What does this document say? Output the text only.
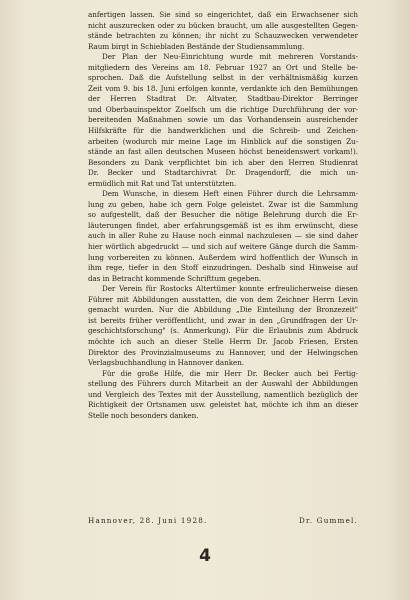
anfertigen lassen. Sie sind so eingerichtet, daß ein Erwachsener sich
nicht auszurecken oder zu bücken braucht, um alle ausgestellten Gegen-
stände betrachten zu können; ihr nicht zu Schauzwecken verwendeter
Raum birgt in Schiebladen Bestände der Studiensammlung.
Der Plan der Neu-Einrichtung wurde mit mehreren Vorstands-
mitgliedern des Vereins am 18. Februar 1927 an Ort und Stelle be-
sprochen. Daß die Aufstellung selbst in der verhältnismäßig kurzen
Zeit vom 9. bis 18. Juni erfolgen konnte, verdankte ich den Bemühungen
der Herren Stadtrat Dr. Altvater, Stadtbau-Direktor Berringer
und Oberbauinspektor Zoelfsch um die richtige Durchführung der vor-
bereitenden Maßnahmen sowie um das Vorhandensein ausreichender
Hilfskräfte für die handwerklichen und die Schreib- und Zeichen-
arbeiten (wodurch mir meine Lage im Hinblick auf die sonstigen Zu-
stände an fast allen deutschen Museen höchst beneidenswert vorkam!).
Besonders zu Dank verpflichtet bin ich aber den Herren Studienrat
Dr. Becker und Stadtarchivrat Dr. Dragendorff, die mich un-
ermüdlich mit Rat und Tat unterstützten.
Dem Wunsche, in diesem Heft einen Führer durch die Lehrsamm-
lung zu geben, habe ich gern Folge geleistet. Zwar ist die Sammlung
so aufgestellt, daß der Besucher die nötige Belehrung durch die Er-
läuterungen findet, aber erfahrungsgemäß ist es ihm erwünscht, diese
auch in aller Ruhe zu Hause noch einmal nachzulesen — sie sind daher
hier wörtlich abgedruckt — und sich auf weitere Gänge durch die Samm-
lung vorbereiten zu können. Außerdem wird hoffentlich der Wunsch in
ihm rege, tiefer in den Stoff einzudringen. Deshalb sind Hinweise auf
das in Betracht kommende Schrifttum gegeben.
Der Verein für Rostocks Altertümer konnte erfreulicherweise diesen
Führer mit Abbildungen ausstatten, die von dem Zeichner Herrn Levin
gemacht wurden. Nur die Abbildung „Die Einteilung der Bronzezeit"
ist bereits früher veröffentlicht, und zwar in den „Grundfragen der Ur-
geschichtsforschung" (s. Anmerkung). Für die Erlaubnis zum Abdruck
möchte ich auch an dieser Stelle Herrn Dr. Jacob Friesen, Ersten
Direktor des Provinzialmuseums zu Hannover, und der Helwingschen
Verlagsbuchhandlung in Hannover danken.
Für die große Hilfe, die mir Herr Dr. Becker auch bei Fertig-
stellung des Führers durch Mitarbeit an der Auswahl der Abbildungen
und Vergleich des Textes mit der Ausstellung, namentlich bezüglich der
Richtigkeit der Ortsnamen usw. geleistet hat, möchte ich ihm an dieser
Stelle noch besonders danken.
Hannover, 28. Juni 1928.	Dr. Gummel.
4
